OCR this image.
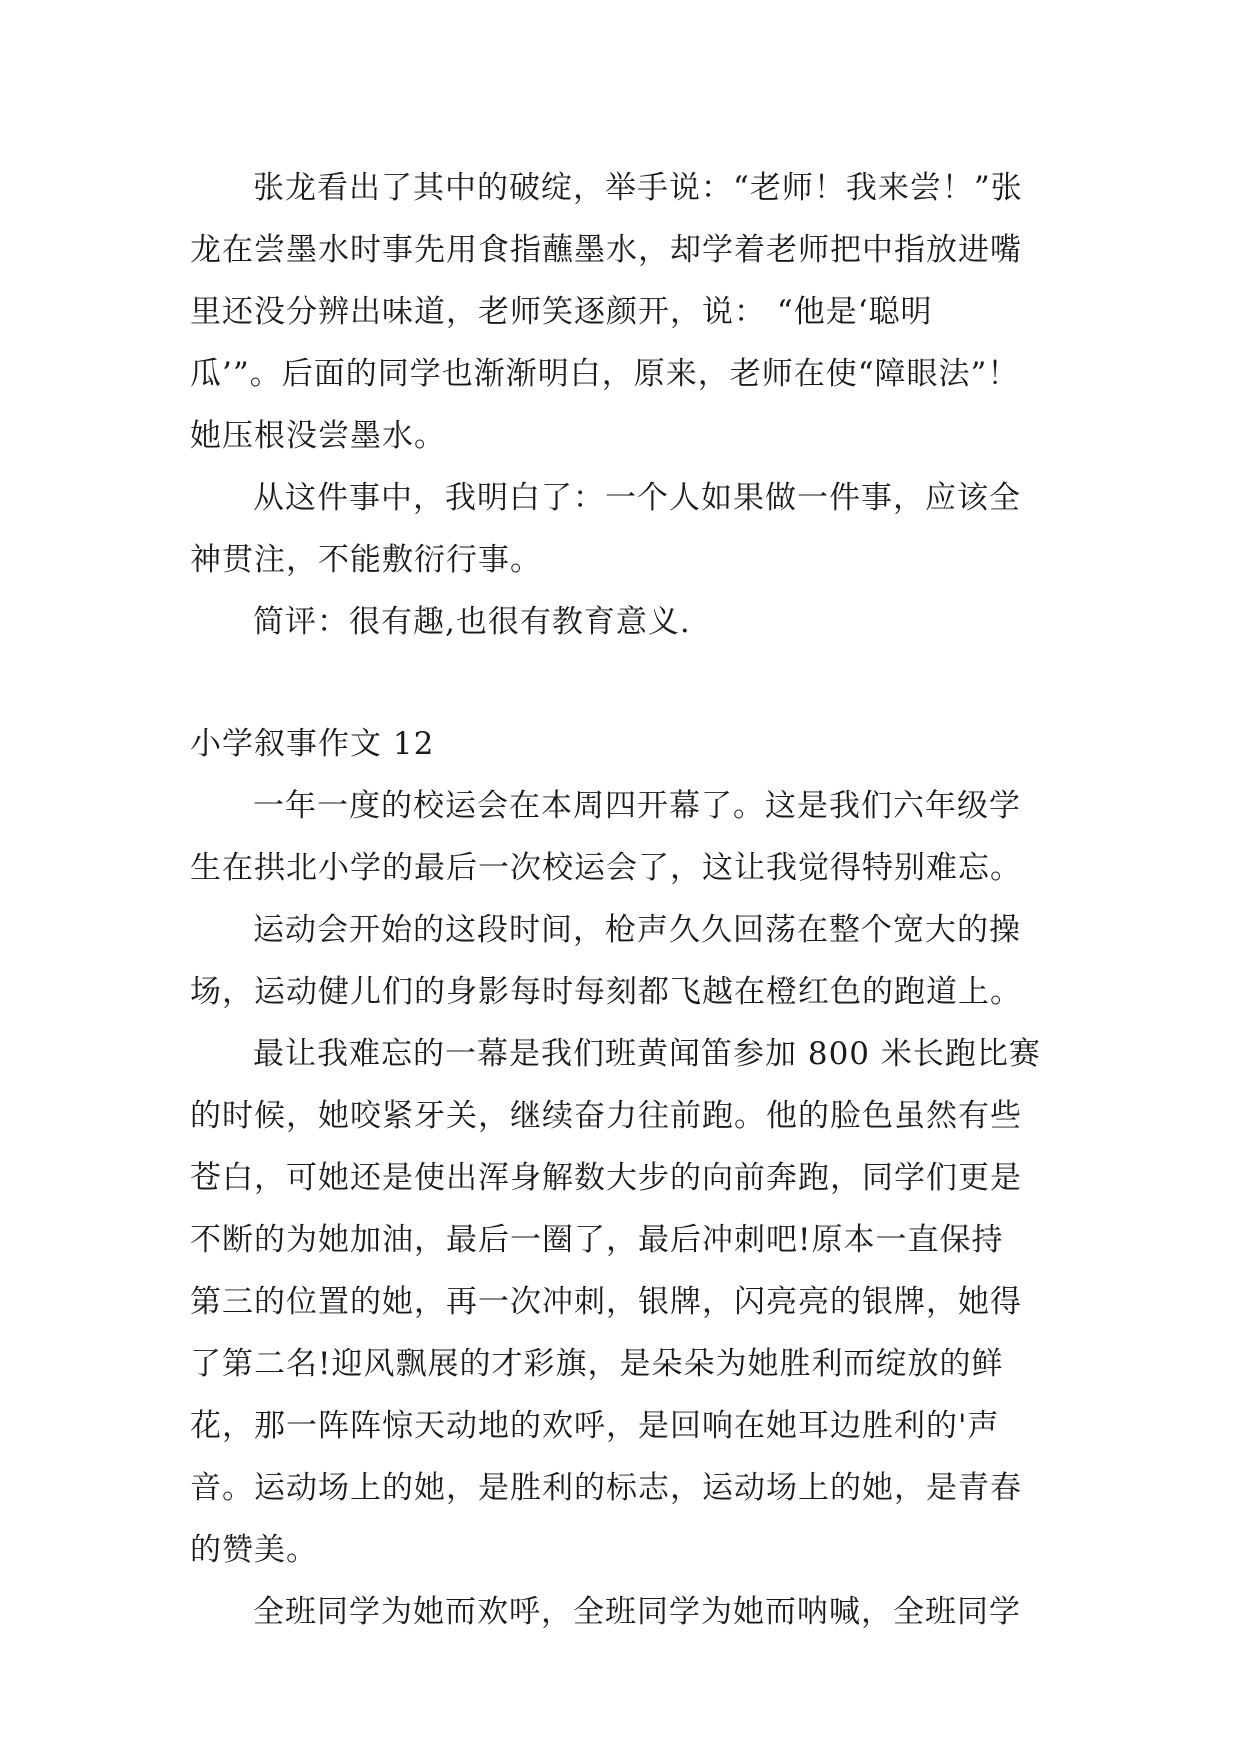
张龙看出了其中的破绽，举手说：“老师！我来尝！”张
龙在尝墨水时事先用食指蘸墨水，却学着老师把中指放进嘴
里还没分辨出味道，老师笑逐颜开，说： “他是‘聪明
瓜’”。后面的同学也渐渐明白，原来，老师在使“障眼法”！
她压根没尝墨水。
从这件事中，我明白了：一个人如果做一件事，应该全
神贯注，不能敷衍行事。
简评：很有趣,也很有教育意义.
小学叙事作文 12
一年一度的校运会在本周四开幕了。这是我们六年级学
生在拱北小学的最后一次校运会了，这让我觉得特别难忘。
运动会开始的这段时间，枪声久久回荡在整个宽大的操
场，运动健儿们的身影每时每刻都飞越在橙红色的跑道上。
最让我难忘的一幕是我们班黄闻笛参加 800 米长跑比赛
的时候，她咬紧牙关，继续奋力往前跑。他的脸色虽然有些
苍白，可她还是使出浑身解数大步的向前奔跑，同学们更是
不断的为她加油，最后一圈了，最后冲刺吧!原本一直保持
第三的位置的她，再一次冲刺，银牌，闪亮亮的银牌，她得
了第二名!迎风飘展的才彩旗，是朵朵为她胜利而绽放的鲜
花，那一阵阵惊天动地的欢呼，是回响在她耳边胜利的'声
音。运动场上的她，是胜利的标志，运动场上的她，是青春
的赞美。
全班同学为她而欢呼，全班同学为她而呐喊，全班同学
